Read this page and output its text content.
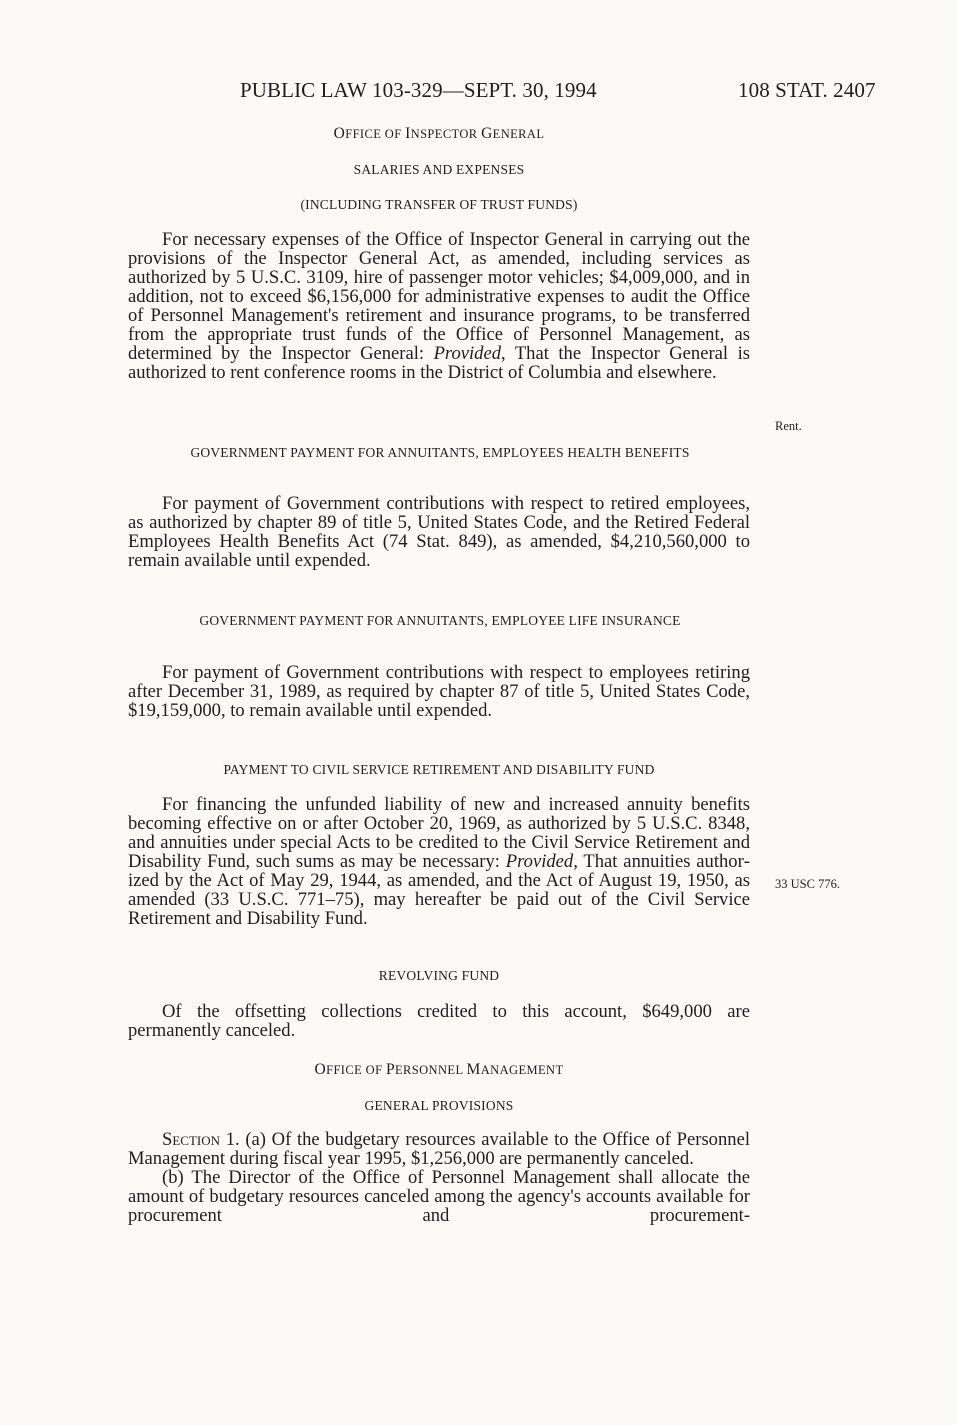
PUBLIC LAW 103-329—SEPT. 30, 1994	108 STAT. 2407

OFFICE OF INSPECTOR GENERAL

SALARIES AND EXPENSES

(INCLUDING TRANSFER OF TRUST FUNDS)

For necessary expenses of the Office of Inspector General in carrying out the provisions of the Inspector General Act, as amended, including services as authorized by 5 U.S.C. 3109, hire of passenger motor vehicles; $4,009,000, and in addition, not to exceed $6,156,000 for administrative expenses to audit the Office of Personnel Management's retirement and insurance programs, to be transferred from the appropriate trust funds of the Office of Personnel Management, as determined by the Inspector General: Provided, That the Inspector General is authorized to rent conference rooms in the District of Columbia and elsewhere.

Rent.

GOVERNMENT PAYMENT FOR ANNUITANTS, EMPLOYEES HEALTH BENEFITS

For payment of Government contributions with respect to retired employees, as authorized by chapter 89 of title 5, United States Code, and the Retired Federal Employees Health Benefits Act (74 Stat. 849), as amended, $4,210,560,000 to remain available until expended.

GOVERNMENT PAYMENT FOR ANNUITANTS, EMPLOYEE LIFE INSURANCE

For payment of Government contributions with respect to employees retiring after December 31, 1989, as required by chapter 87 of title 5, United States Code, $19,159,000, to remain available until expended.

PAYMENT TO CIVIL SERVICE RETIREMENT AND DISABILITY FUND

For financing the unfunded liability of new and increased annuity benefits becoming effective on or after October 20, 1969, as authorized by 5 U.S.C. 8348, and annuities under special Acts to be credited to the Civil Service Retirement and Disability Fund, such sums as may be necessary: Provided, That annuities authorized by the Act of May 29, 1944, as amended, and the Act of August 19, 1950, as amended (33 U.S.C. 771–75), may hereafter be paid out of the Civil Service Retirement and Disability Fund.

33 USC 776.

REVOLVING FUND

Of the offsetting collections credited to this account, $649,000 are permanently canceled.

OFFICE OF PERSONNEL MANAGEMENT

GENERAL PROVISIONS

Section 1. (a) Of the budgetary resources available to the Office of Personnel Management during fiscal year 1995, $1,256,000 are permanently canceled.

(b) The Director of the Office of Personnel Management shall allocate the amount of budgetary resources canceled among the agency's accounts available for procurement and procurement-
